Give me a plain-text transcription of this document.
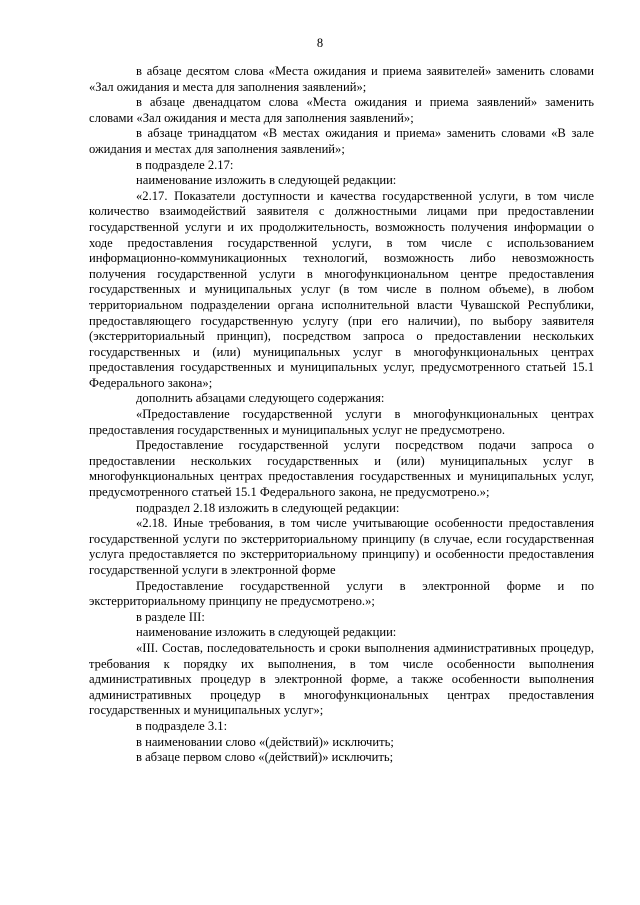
8

в абзаце десятом слова «Места ожидания и приема заявителей» заменить словами «Зал ожидания и места для заполнения заявлений»;

в абзаце двенадцатом слова «Места ожидания и приема заявлений» заменить словами «Зал ожидания и места для заполнения заявлений»;

в абзаце тринадцатом «В местах ожидания и приема» заменить словами «В зале ожидания и местах для заполнения заявлений»;

в подразделе 2.17:

наименование изложить в следующей редакции:

«2.17. Показатели доступности и качества государственной услуги, в том числе количество взаимодействий заявителя с должностными лицами при предоставлении государственной услуги и их продолжительность, возможность получения информации о ходе предоставления государственной услуги, в том числе с использованием информационно-коммуникационных технологий, возможность либо невозможность получения государственной услуги в многофункциональном центре предоставления государственных и муниципальных услуг (в том числе в полном объеме), в любом территориальном подразделении органа исполнительной власти Чувашской Республики, предоставляющего государственную услугу (при его наличии), по выбору заявителя (экстерриториальный принцип), посредством запроса о предоставлении нескольких государственных и (или) муниципальных услуг в многофункциональных центрах предоставления государственных и муниципальных услуг, предусмотренного статьей 15.1 Федерального закона»;

дополнить абзацами следующего содержания:

«Предоставление государственной услуги в многофункциональных центрах предоставления государственных и муниципальных услуг не предусмотрено.

Предоставление государственной услуги посредством подачи запроса о предоставлении нескольких государственных и (или) муниципальных услуг в многофункциональных центрах предоставления государственных и муниципальных услуг, предусмотренного статьей 15.1 Федерального закона, не предусмотрено.»;

подраздел 2.18 изложить в следующей редакции:

«2.18. Иные требования, в том числе учитывающие особенности предоставления государственной услуги по экстерриториальному принципу (в случае, если государственная услуга предоставляется по экстерриториальному принципу) и особенности предоставления государственной услуги в электронной форме

Предоставление государственной услуги в электронной форме и по экстерриториальному принципу не предусмотрено.»;

в разделе III:

наименование изложить в следующей редакции:

«III. Состав, последовательность и сроки выполнения административных процедур, требования к порядку их выполнения, в том числе особенности выполнения административных процедур в электронной форме, а также особенности выполнения административных процедур в многофункциональных центрах предоставления государственных и муниципальных услуг»;

в подразделе 3.1:

в наименовании слово «(действий)» исключить;

в абзаце первом слово «(действий)» исключить;
